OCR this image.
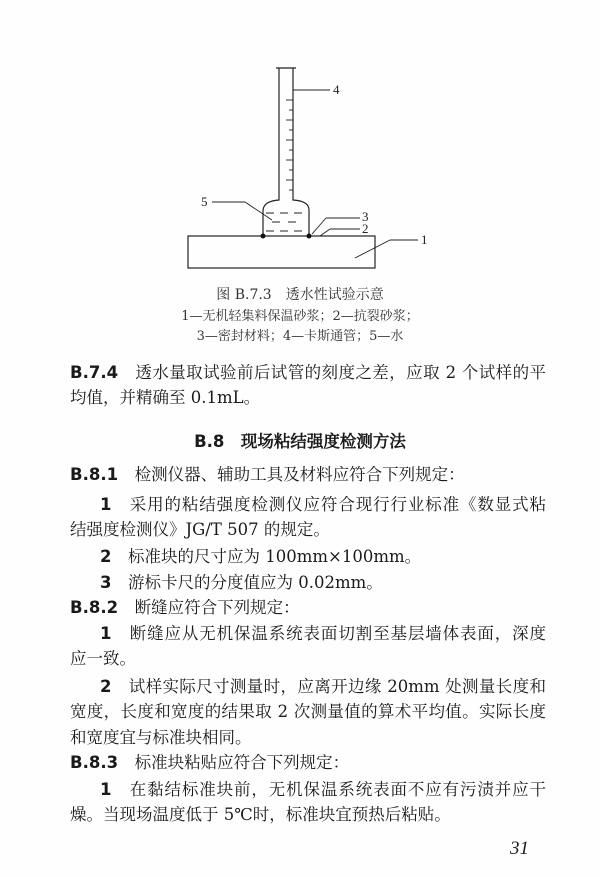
4
5
3
2
1
图 B.7.3　透水性试验示意
1—无机轻集料保温砂浆；2—抗裂砂浆；
3—密封材料；4—卡斯通管；5—水
B.7.4　 透水量取试验前后试管的刻度之差，应取 2 个试样的平
均值，并精确至 0.1mL。
B.8　现场粘结强度检测方法
B.8.1　 检测仪器、辅助工具及材料应符合下列规定：
1　 采用的粘结强度检测仪应符合现行行业标准《数显式粘
结强度检测仪》JG/T 507 的规定。
2　 标准块的尺寸应为 100mm×100mm。
3　 游标卡尺的分度值应为 0.02mm。
B.8.2　 断缝应符合下列规定：
1　 断缝应从无机保温系统表面切割至基层墙体表面，深度
应一致。
2　 试样实际尺寸测量时，应离开边缘 20mm 处测量长度和
宽度，长度和宽度的结果取 2 次测量值的算术平均值。实际长度
和宽度宜与标准块相同。
B.8.3　 标准块粘贴应符合下列规定：
1　 在黏结标准块前，无机保温系统表面不应有污渍并应干
燥。当现场温度低于 5℃时，标准块宜预热后粘贴。
31
